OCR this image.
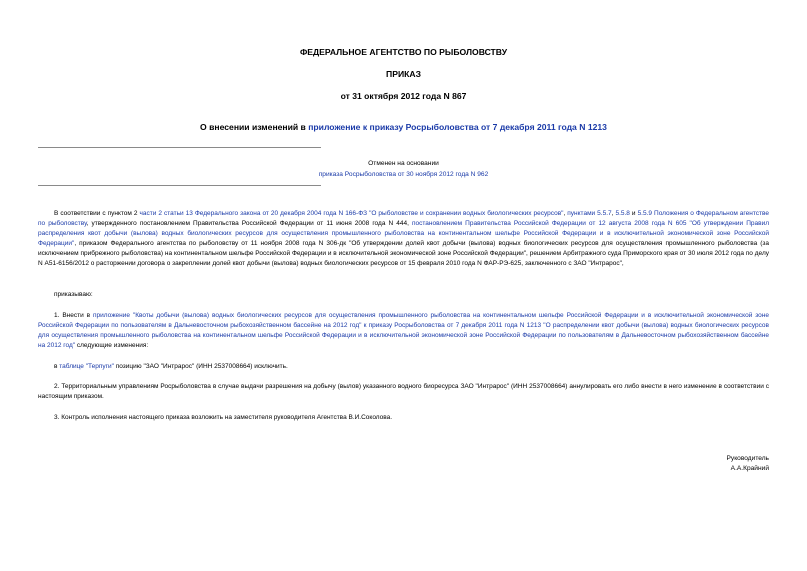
ФЕДЕРАЛЬНОЕ АГЕНТСТВО ПО РЫБОЛОВСТВУ
ПРИКАЗ
от 31 октября 2012 года N 867
О внесении изменений в приложение к приказу Росрыболовства от 7 декабря 2011 года N 1213
Отменен на основании
приказа Росрыболовства от 30 ноября 2012 года N 962

В соответствии с пунктом 2 части 2 статьи 13 Федерального закона от 20 декабря 2004 года N 166-ФЗ "О рыболовстве и сохранении водных биологических ресурсов", пунктами 5.5.7, 5.5.8 и 5.5.9 Положения о Федеральном агентстве по рыболовству, утвержденного постановлением Правительства Российской Федерации от 11 июня 2008 года N 444, постановлением Правительства Российской Федерации от 12 августа 2008 года N 605 "Об утверждении Правил распределения квот добычи (вылова) водных биологических ресурсов для осуществления промышленного рыболовства на континентальном шельфе Российской Федерации и в исключительной экономической зоне Российской Федерации", приказом Федерального агентства по рыболовству от 11 ноября 2008 года N 306-дк "Об утверждении долей квот добычи (вылова) водных биологических ресурсов для осуществления промышленного рыболовства (за исключением прибрежного рыболовства) на континентальном шельфе Российской Федерации и в исключительной экономической зоне Российской Федерации", решением Арбитражного суда Приморского края от 30 июля 2012 года по делу N А51-6156/2012 о расторжении договора о закреплении долей квот добычи (вылова) водных биологических ресурсов от 15 февраля 2010 года N ФАР-РЭ-625, заключенного с ЗАО "Интрарос",

приказываю:

1. Внести в приложение "Квоты добычи (вылова) водных биологических ресурсов для осуществления промышленного рыболовства на континентальном шельфе Российской Федерации и в исключительной экономической зоне Российской Федерации по пользователям в Дальневосточном рыбохозяйственном бассейне на 2012 год" к приказу Росрыболовства от 7 декабря 2011 года N 1213 "О распределении квот добычи (вылова) водных биологических ресурсов для осуществления промышленного рыболовства на континентальном шельфе Российской Федерации и в исключительной экономической зоне Российской Федерации по пользователям в Дальневосточном рыбохозяйственном бассейне на 2012 год" следующие изменения:

в таблице "Терпуги" позицию "ЗАО "Интрарос" (ИНН 2537008664) исключить.

2. Территориальным управлениям Росрыболовства в случае выдачи разрешения на добычу (вылов) указанного водного биоресурса ЗАО "Интрарос" (ИНН 2537008664) аннулировать его либо внести в него изменение в соответствии с настоящим приказом.

3. Контроль исполнения настоящего приказа возложить на заместителя руководителя Агентства В.И.Соколова.

Руководитель
А.А.Крайний
